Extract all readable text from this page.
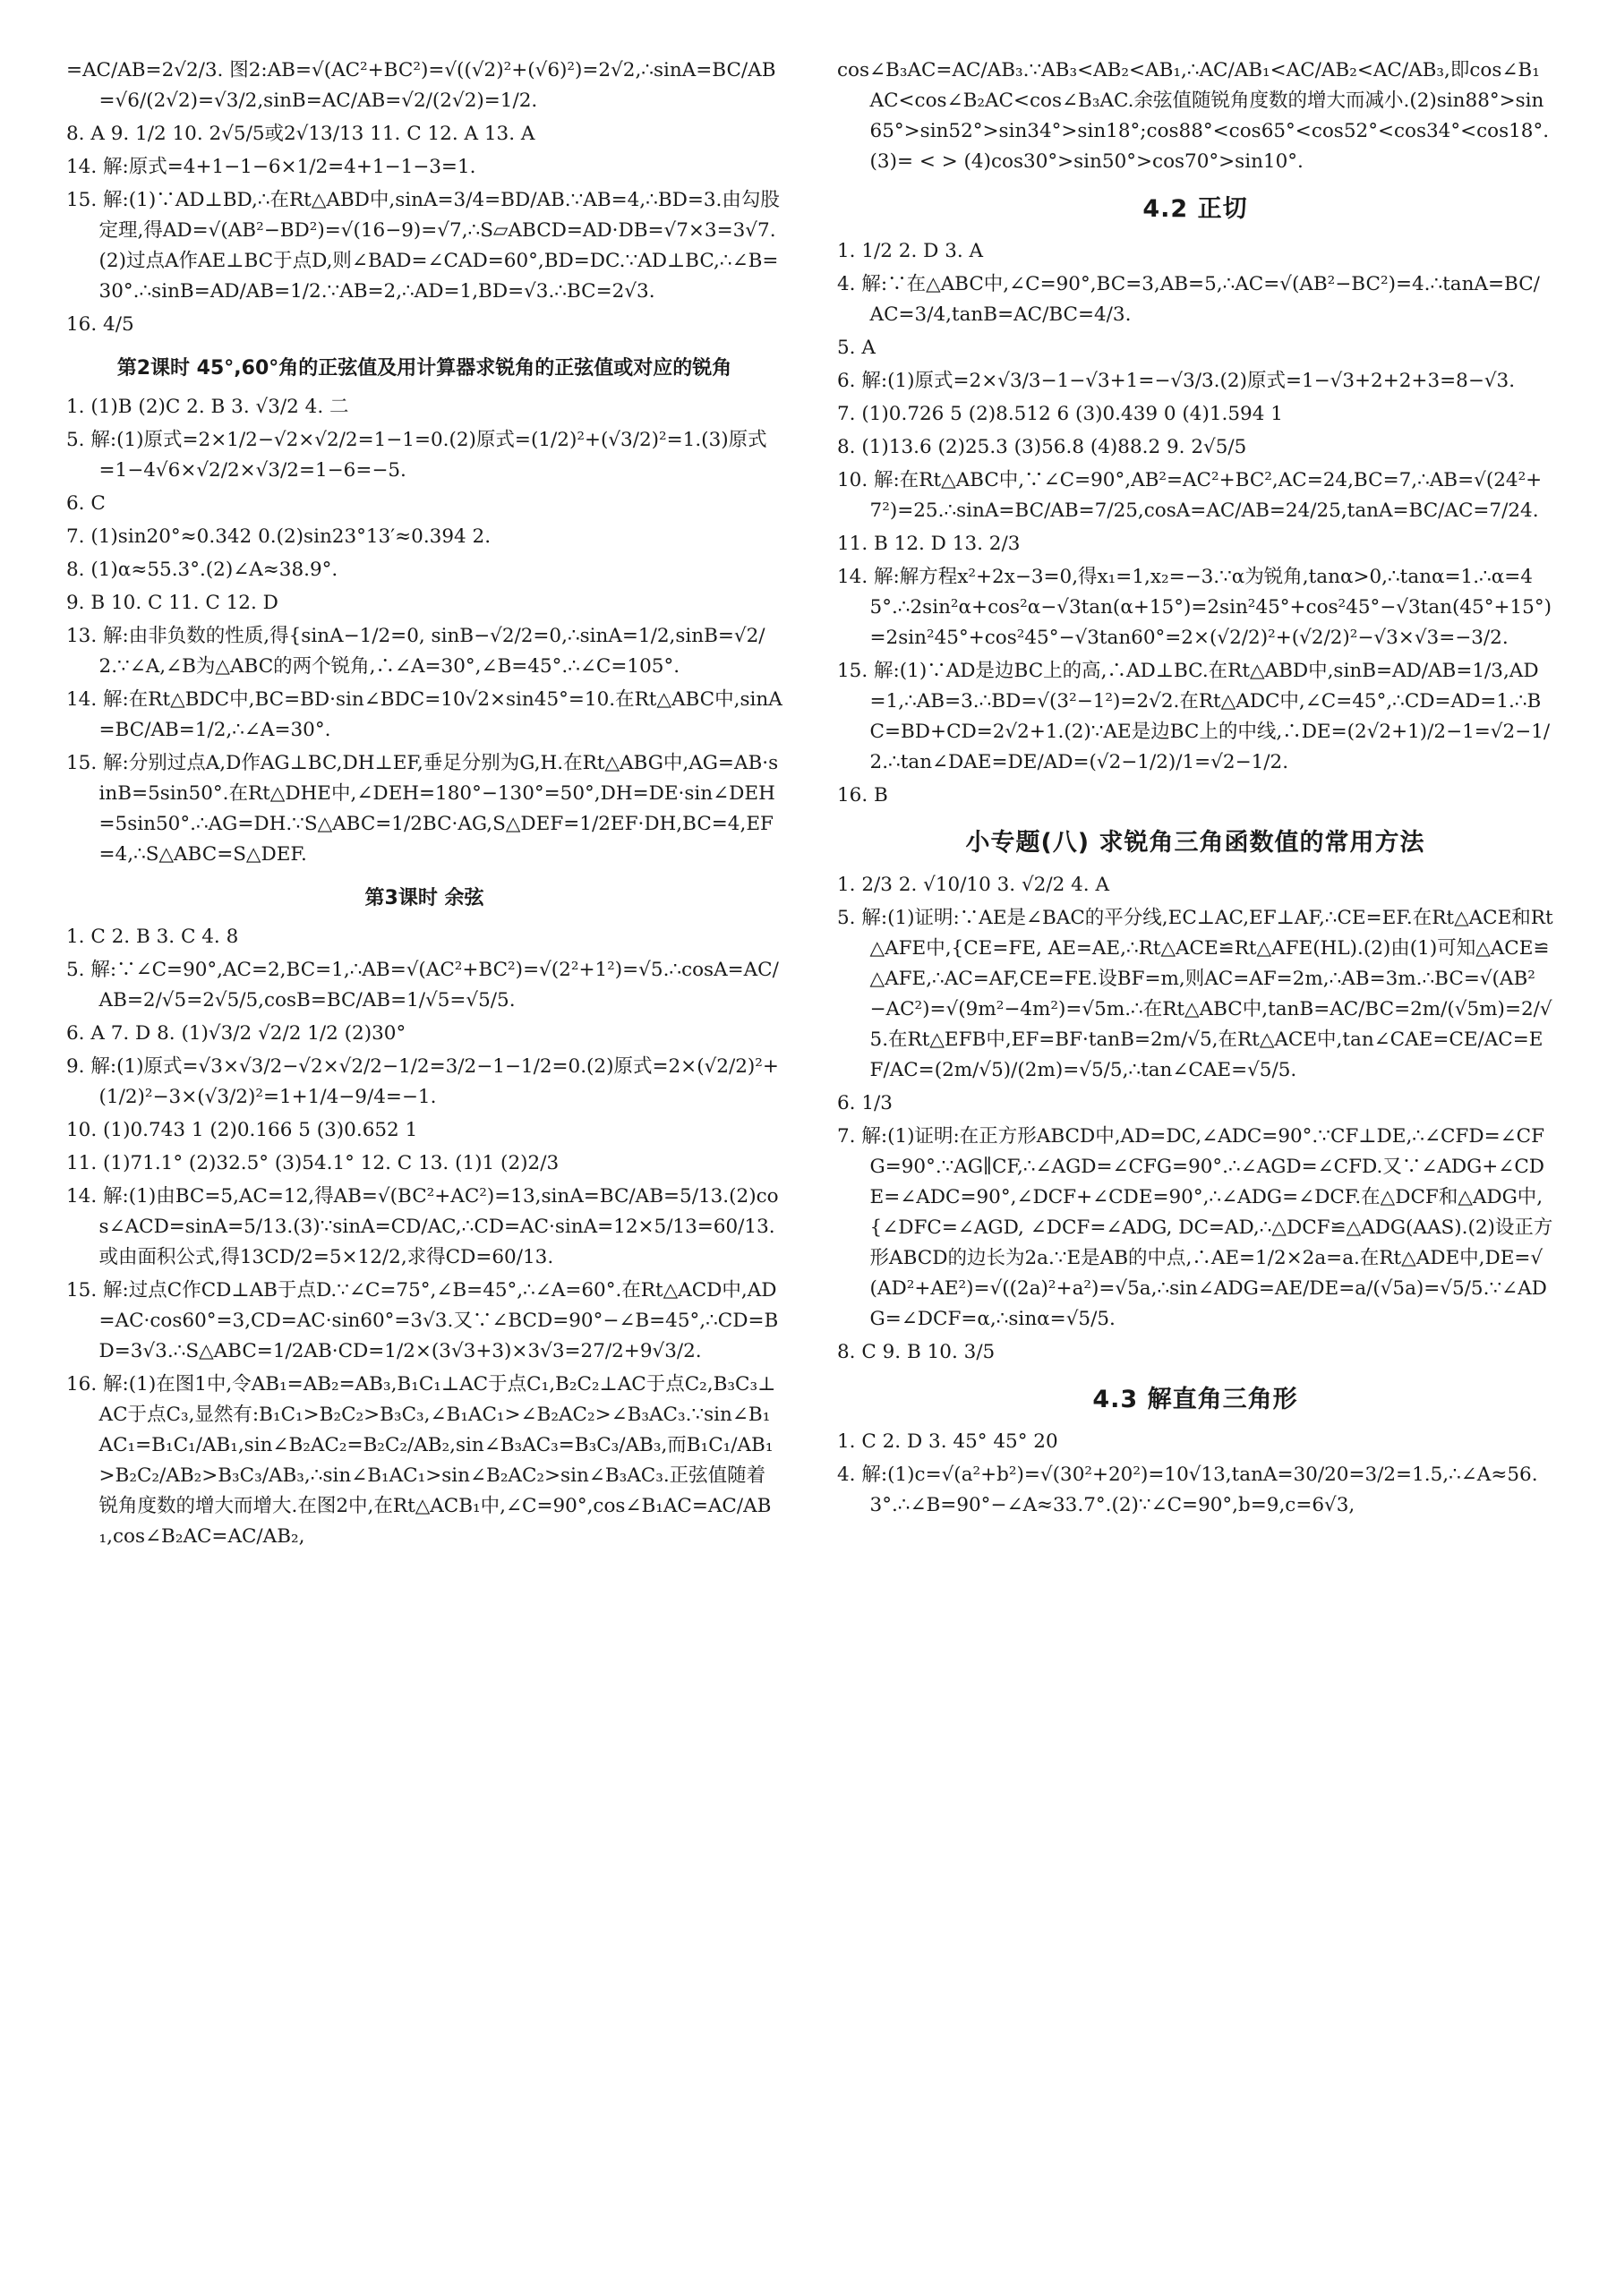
=AC/AB=2√2/3. 图2:AB=√(AC²+BC²)=√((√2)²+(√6)²)=2√2,∴sinA=BC/AB=√6/(2√2)=√3/2,sinB=AC/AB=√2/(2√2)=1/2.

8. A 9. 1/2 10. 2√5/5或2√13/13 11. C 12. A 13. A

14. 解:原式=4+1−1−6×1/2=4+1−1−3=1.

15. 解:(1)∵AD⊥BD,∴在Rt△ABD中,sinA=3/4=BD/AB.∵AB=4,∴BD=3.由勾股定理,得AD=√(AB²−BD²)=√(16−9)=√7,∴S▱ABCD=AD·DB=√7×3=3√7.(2)过点A作AE⊥BC于点D,则∠BAD=∠CAD=60°,BD=DC.∵AD⊥BC,∴∠B=30°.∴sinB=AD/AB=1/2.∵AB=2,∴AD=1,BD=√3.∴BC=2√3.

16. 4/5

第2课时 45°,60°角的正弦值及用计算器求锐角的正弦值或对应的锐角

1. (1)B (2)C 2. B 3. √3/2 4. 二

5. 解:(1)原式=2×1/2−√2×√2/2=1−1=0.(2)原式=(1/2)²+(√3/2)²=1.(3)原式=1−4√6×√2/2×√3/2=1−6=−5.

6. C

7. (1)sin20°≈0.342 0.(2)sin23°13′≈0.394 2.

8. (1)α≈55.3°.(2)∠A≈38.9°.

9. B 10. C 11. C 12. D

13. 解:由非负数的性质,得{sinA−1/2=0, sinB−√2/2=0,∴sinA=1/2,sinB=√2/2.∵∠A,∠B为△ABC的两个锐角,∴∠A=30°,∠B=45°.∴∠C=105°.

14. 解:在Rt△BDC中,BC=BD·sin∠BDC=10√2×sin45°=10.在Rt△ABC中,sinA=BC/AB=1/2,∴∠A=30°.

15. 解:分别过点A,D作AG⊥BC,DH⊥EF,垂足分别为G,H.在Rt△ABG中,AG=AB·sinB=5sin50°.在Rt△DHE中,∠DEH=180°−130°=50°,DH=DE·sin∠DEH=5sin50°.∴AG=DH.∵S△ABC=1/2BC·AG,S△DEF=1/2EF·DH,BC=4,EF=4,∴S△ABC=S△DEF.

第3课时 余弦

1. C 2. B 3. C 4. 8

5. 解:∵∠C=90°,AC=2,BC=1,∴AB=√(AC²+BC²)=√(2²+1²)=√5.∴cosA=AC/AB=2/√5=2√5/5,cosB=BC/AB=1/√5=√5/5.

6. A 7. D 8. (1)√3/2 √2/2 1/2 (2)30°

9. 解:(1)原式=√3×√3/2−√2×√2/2−1/2=3/2−1−1/2=0.(2)原式=2×(√2/2)²+(1/2)²−3×(√3/2)²=1+1/4−9/4=−1.

10. (1)0.743 1 (2)0.166 5 (3)0.652 1

11. (1)71.1° (2)32.5° (3)54.1° 12. C 13. (1)1 (2)2/3

14. 解:(1)由BC=5,AC=12,得AB=√(BC²+AC²)=13,sinA=BC/AB=5/13.(2)cos∠ACD=sinA=5/13.(3)∵sinA=CD/AC,∴CD=AC·sinA=12×5/13=60/13.或由面积公式,得13CD/2=5×12/2,求得CD=60/13.

15. 解:过点C作CD⊥AB于点D.∵∠C=75°,∠B=45°,∴∠A=60°.在Rt△ACD中,AD=AC·cos60°=3,CD=AC·sin60°=3√3.又∵∠BCD=90°−∠B=45°,∴CD=BD=3√3.∴S△ABC=1/2AB·CD=1/2×(3√3+3)×3√3=27/2+9√3/2.

16. 解:(1)在图1中,令AB₁=AB₂=AB₃,B₁C₁⊥AC于点C₁,B₂C₂⊥AC于点C₂,B₃C₃⊥AC于点C₃,显然有:B₁C₁>B₂C₂>B₃C₃,∠B₁AC₁>∠B₂AC₂>∠B₃AC₃.∵sin∠B₁AC₁=B₁C₁/AB₁,sin∠B₂AC₂=B₂C₂/AB₂,sin∠B₃AC₃=B₃C₃/AB₃,而B₁C₁/AB₁>B₂C₂/AB₂>B₃C₃/AB₃,∴sin∠B₁AC₁>sin∠B₂AC₂>sin∠B₃AC₃.正弦值随着锐角度数的增大而增大.在图2中,在Rt△ACB₁中,∠C=90°,cos∠B₁AC=AC/AB₁,cos∠B₂AC=AC/AB₂,

cos∠B₃AC=AC/AB₃.∵AB₃<AB₂<AB₁,∴AC/AB₁<AC/AB₂<AC/AB₃,即cos∠B₁AC<cos∠B₂AC<cos∠B₃AC.余弦值随锐角度数的增大而减小.(2)sin88°>sin65°>sin52°>sin34°>sin18°;cos88°<cos65°<cos52°<cos34°<cos18°.(3)= < > (4)cos30°>sin50°>cos70°>sin10°.

4.2 正切

1. 1/2 2. D 3. A

4. 解:∵在△ABC中,∠C=90°,BC=3,AB=5,∴AC=√(AB²−BC²)=4.∴tanA=BC/AC=3/4,tanB=AC/BC=4/3.

5. A

6. 解:(1)原式=2×√3/3−1−√3+1=−√3/3.(2)原式=1−√3+2+2+3=8−√3.

7. (1)0.726 5 (2)8.512 6 (3)0.439 0 (4)1.594 1

8. (1)13.6 (2)25.3 (3)56.8 (4)88.2 9. 2√5/5

10. 解:在Rt△ABC中,∵∠C=90°,AB²=AC²+BC²,AC=24,BC=7,∴AB=√(24²+7²)=25.∴sinA=BC/AB=7/25,cosA=AC/AB=24/25,tanA=BC/AC=7/24.

11. B 12. D 13. 2/3

14. 解:解方程x²+2x−3=0,得x₁=1,x₂=−3.∵α为锐角,tanα>0,∴tanα=1.∴α=45°.∴2sin²α+cos²α−√3tan(α+15°)=2sin²45°+cos²45°−√3tan(45°+15°)=2sin²45°+cos²45°−√3tan60°=2×(√2/2)²+(√2/2)²−√3×√3=−3/2.

15. 解:(1)∵AD是边BC上的高,∴AD⊥BC.在Rt△ABD中,sinB=AD/AB=1/3,AD=1,∴AB=3.∴BD=√(3²−1²)=2√2.在Rt△ADC中,∠C=45°,∴CD=AD=1.∴BC=BD+CD=2√2+1.(2)∵AE是边BC上的中线,∴DE=(2√2+1)/2−1=√2−1/2.∴tan∠DAE=DE/AD=(√2−1/2)/1=√2−1/2.

16. B

小专题(八) 求锐角三角函数值的常用方法

1. 2/3 2. √10/10 3. √2/2 4. A

5. 解:(1)证明:∵AE是∠BAC的平分线,EC⊥AC,EF⊥AF,∴CE=EF.在Rt△ACE和Rt△AFE中,{CE=FE, AE=AE,∴Rt△ACE≌Rt△AFE(HL).(2)由(1)可知△ACE≌△AFE,∴AC=AF,CE=FE.设BF=m,则AC=AF=2m,∴AB=3m.∴BC=√(AB²−AC²)=√(9m²−4m²)=√5m.∴在Rt△ABC中,tanB=AC/BC=2m/(√5m)=2/√5.在Rt△EFB中,EF=BF·tanB=2m/√5,在Rt△ACE中,tan∠CAE=CE/AC=EF/AC=(2m/√5)/(2m)=√5/5,∴tan∠CAE=√5/5.

6. 1/3

7. 解:(1)证明:在正方形ABCD中,AD=DC,∠ADC=90°.∵CF⊥DE,∴∠CFD=∠CFG=90°.∵AG∥CF,∴∠AGD=∠CFG=90°.∴∠AGD=∠CFD.又∵∠ADG+∠CDE=∠ADC=90°,∠DCF+∠CDE=90°,∴∠ADG=∠DCF.在△DCF和△ADG中,{∠DFC=∠AGD, ∠DCF=∠ADG, DC=AD,∴△DCF≌△ADG(AAS).(2)设正方形ABCD的边长为2a.∵E是AB的中点,∴AE=1/2×2a=a.在Rt△ADE中,DE=√(AD²+AE²)=√((2a)²+a²)=√5a,∴sin∠ADG=AE/DE=a/(√5a)=√5/5.∵∠ADG=∠DCF=α,∴sinα=√5/5.

8. C 9. B 10. 3/5

4.3 解直角三角形

1. C 2. D 3. 45° 45° 20

4. 解:(1)c=√(a²+b²)=√(30²+20²)=10√13,tanA=30/20=3/2=1.5,∴∠A≈56.3°.∴∠B=90°−∠A≈33.7°.(2)∵∠C=90°,b=9,c=6√3,
